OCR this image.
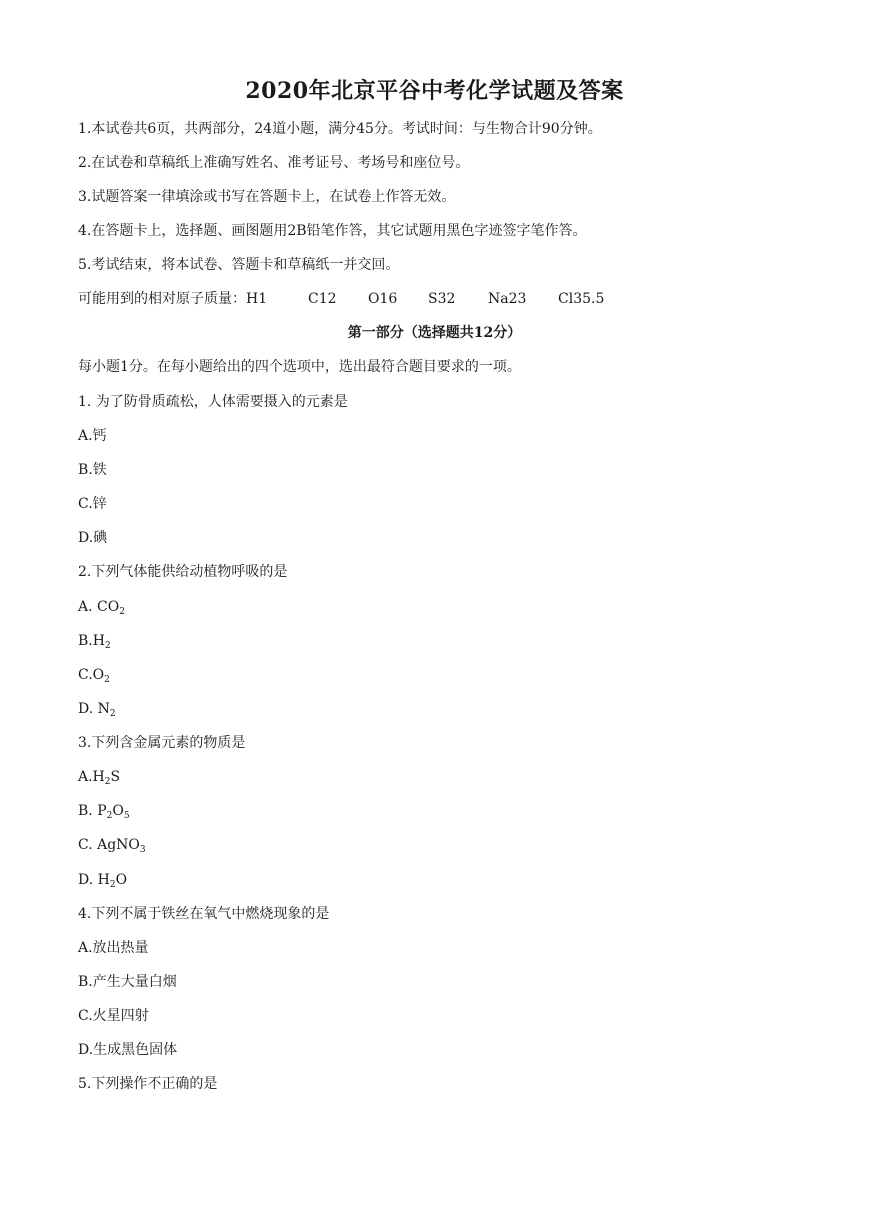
2020年北京平谷中考化学试题及答案
1.本试卷共6页，共两部分，24道小题，满分45分。考试时间：与生物合计90分钟。
2.在试卷和草稿纸上准确写姓名、准考证号、考场号和座位号。
3.试题答案一律填涂或书写在答题卡上，在试卷上作答无效。
4.在答题卡上，选择题、画图题用2B铅笔作答，其它试题用黑色字迹签字笔作答。
5.考试结束，将本试卷、答题卡和草稿纸一并交回。
可能用到的相对原子质量：H1	C12 O16 S32 Na23 Cl35.5
第一部分（选择题共12分）
每小题1分。在每小题给出的四个选项中，选出最符合题目要求的一项。
1. 为了防骨质疏松，人体需要摄入的元素是
A.钙
B.铁
C.锌
D.碘
2.下列气体能供给动植物呼吸的是
A. $CO_2$
$B.H_2$
$C.O_2$
D. $N_2$
3.下列含金属元素的物质是
$A.H_2S$
B. $P_2O_5$
C. AgNO$_3$
D. $H_2O$
4.下列不属于铁丝在氧气中燃烧现象的是
A.放出热量
B.产生大量白烟
C.火星四射
D.生成黑色固体
5.下列操作不正确的是
